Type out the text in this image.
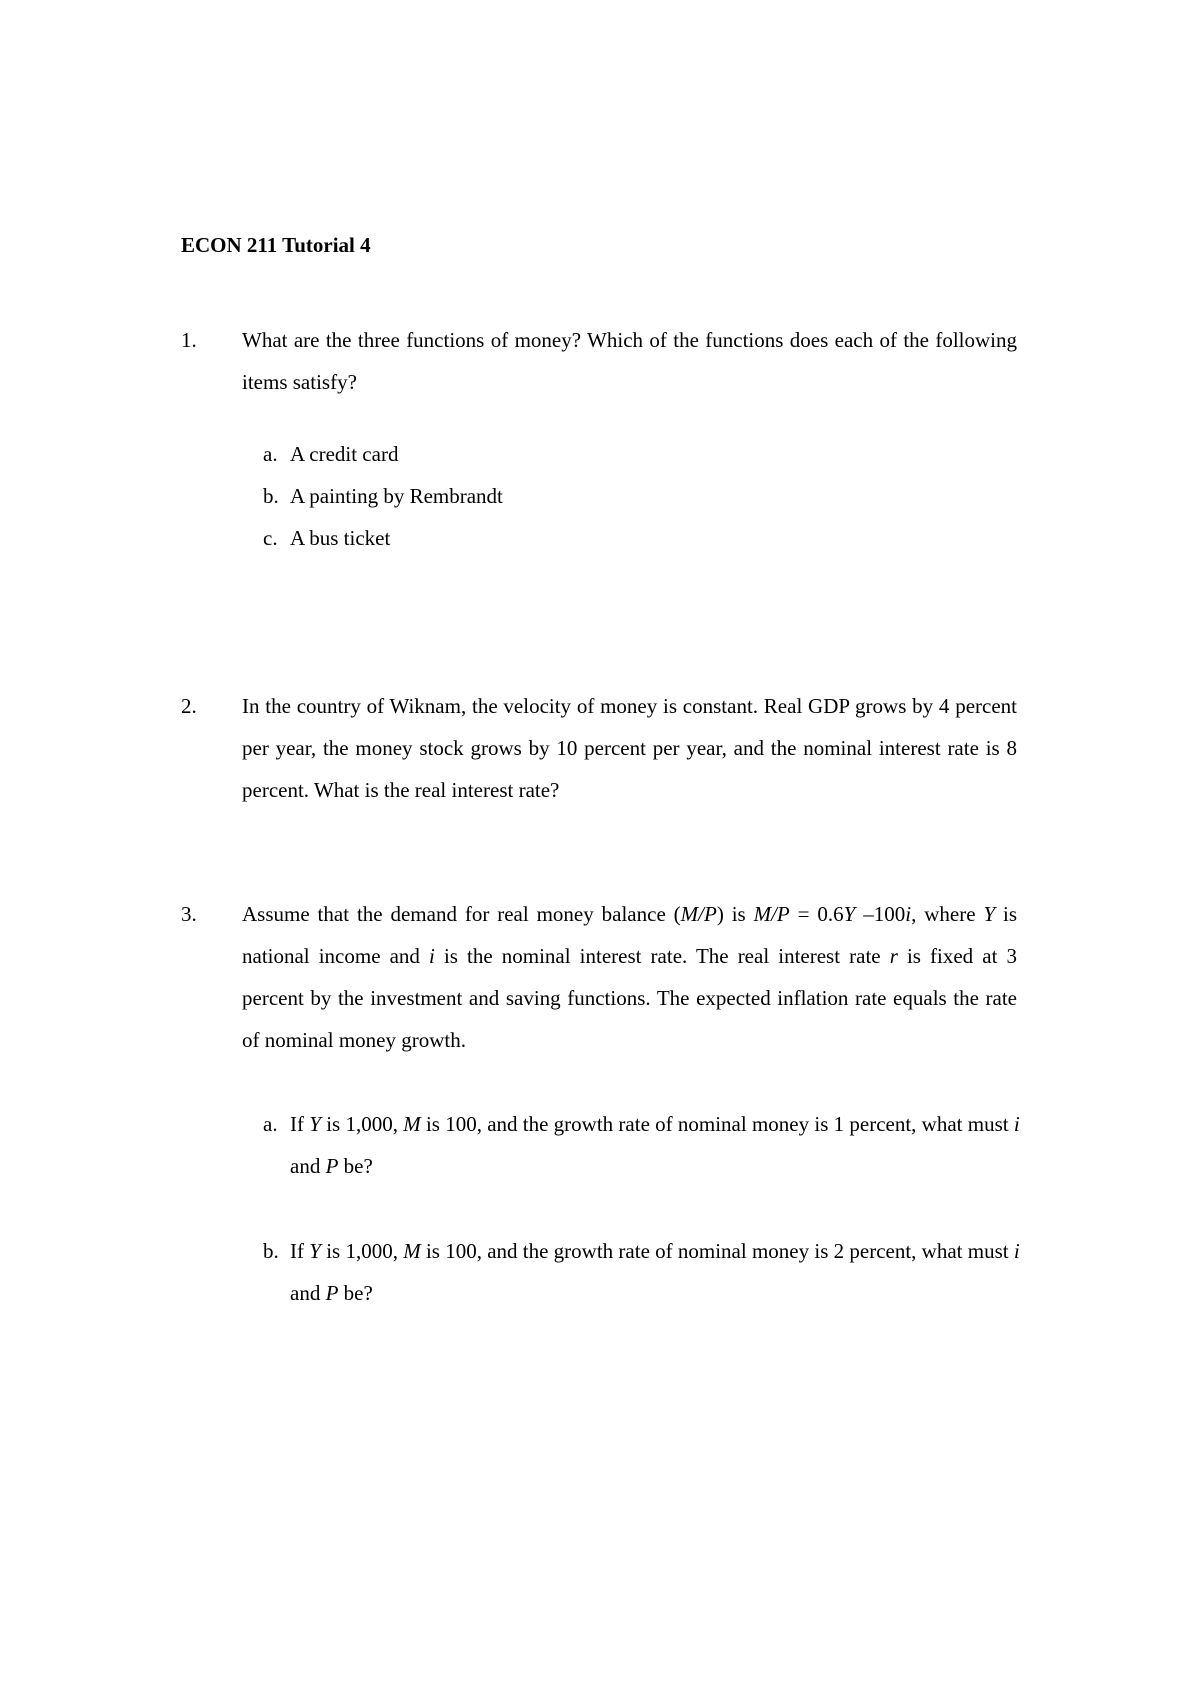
ECON 211 Tutorial 4
1. What are the three functions of money? Which of the functions does each of the following items satisfy?
a. A credit card
b. A painting by Rembrandt
c. A bus ticket
2. In the country of Wiknam, the velocity of money is constant. Real GDP grows by 4 percent per year, the money stock grows by 10 percent per year, and the nominal interest rate is 8 percent. What is the real interest rate?
3. Assume that the demand for real money balance (M/P) is M/P = 0.6Y –100i, where Y is national income and i is the nominal interest rate. The real interest rate r is fixed at 3 percent by the investment and saving functions. The expected inflation rate equals the rate of nominal money growth.
a. If Y is 1,000, M is 100, and the growth rate of nominal money is 1 percent, what must i and P be?
b. If Y is 1,000, M is 100, and the growth rate of nominal money is 2 percent, what must i and P be?
